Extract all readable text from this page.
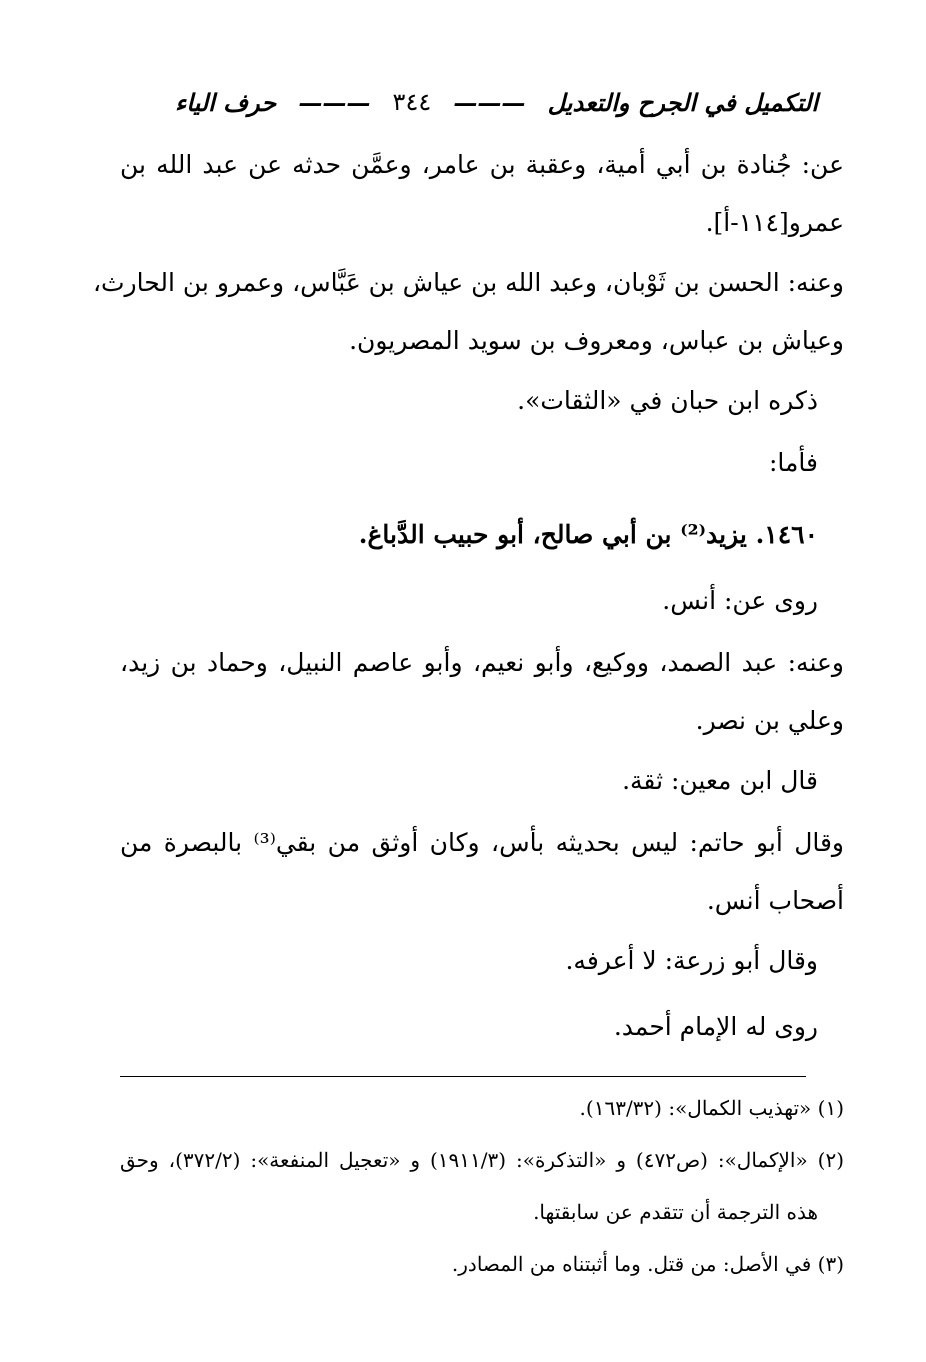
التكميل في الجرح والتعديل
———
٣٤٤
———
حرف الياء
عن: جُنادة بن أبي أمية، وعقبة بن عامر، وعمَّن حدثه عن عبد الله بن
عمرو[١١٤-أ].
وعنه: الحسن بن ثَوْبان، وعبد الله بن عياش بن عَبَّاس، وعمرو بن الحارث،
وعياش بن عباس، ومعروف بن سويد المصريون.
ذكره ابن حبان في «الثقات».
فأما:
١٤٦٠. يزيد⁽²⁾ بن أبي صالح، أبو حبيب الدَّباغ.
روى عن: أنس.
وعنه: عبد الصمد، ووكيع، وأبو نعيم، وأبو عاصم النبيل، وحماد بن زيد،
وعلي بن نصر.
قال ابن معين: ثقة.
وقال أبو حاتم: ليس بحديثه بأس، وكان أوثق من بقي⁽³⁾ بالبصرة من
أصحاب أنس.
وقال أبو زرعة: لا أعرفه.
روى له الإمام أحمد.
(١) «تهذيب الكمال»: (١٦٣/٣٢).
(٢) «الإكمال»: (ص٤٧٢) و «التذكرة»: (١٩١١/٣) و «تعجيل المنفعة»: (٣٧٢/٢)، وحق
هذه الترجمة أن تتقدم عن سابقتها.
(٣) في الأصل: من قتل. وما أثبتناه من المصادر.
